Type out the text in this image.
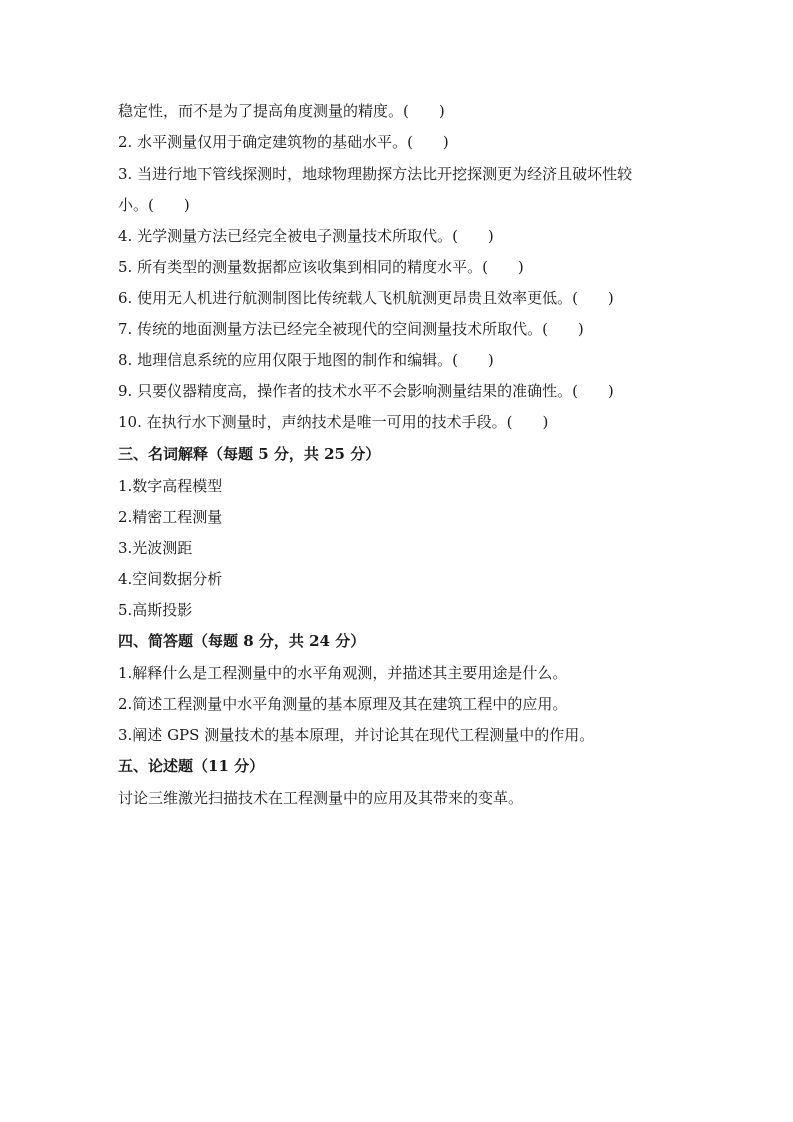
稳定性，而不是为了提高角度测量的精度。(　　)
2. 水平测量仅用于确定建筑物的基础水平。(　　)
3. 当进行地下管线探测时，地球物理勘探方法比开挖探测更为经济且破坏性较
小。(　　)
4. 光学测量方法已经完全被电子测量技术所取代。(　　)
5. 所有类型的测量数据都应该收集到相同的精度水平。(　　)
6. 使用无人机进行航测制图比传统载人飞机航测更昂贵且效率更低。(　　)
7. 传统的地面测量方法已经完全被现代的空间测量技术所取代。(　　)
8. 地理信息系统的应用仅限于地图的制作和编辑。(　　)
9. 只要仪器精度高，操作者的技术水平不会影响测量结果的准确性。(　　)
10. 在执行水下测量时，声纳技术是唯一可用的技术手段。(　　)
三、名词解释（每题 5 分，共 25 分）
1.数字高程模型
2.精密工程测量
3.光波测距
4.空间数据分析
5.高斯投影
四、简答题（每题 8 分，共 24 分）
1.解释什么是工程测量中的水平角观测，并描述其主要用途是什么。
2.简述工程测量中水平角测量的基本原理及其在建筑工程中的应用。
3.阐述 GPS 测量技术的基本原理，并讨论其在现代工程测量中的作用。
五、论述题（11 分）
讨论三维激光扫描技术在工程测量中的应用及其带来的变革。
